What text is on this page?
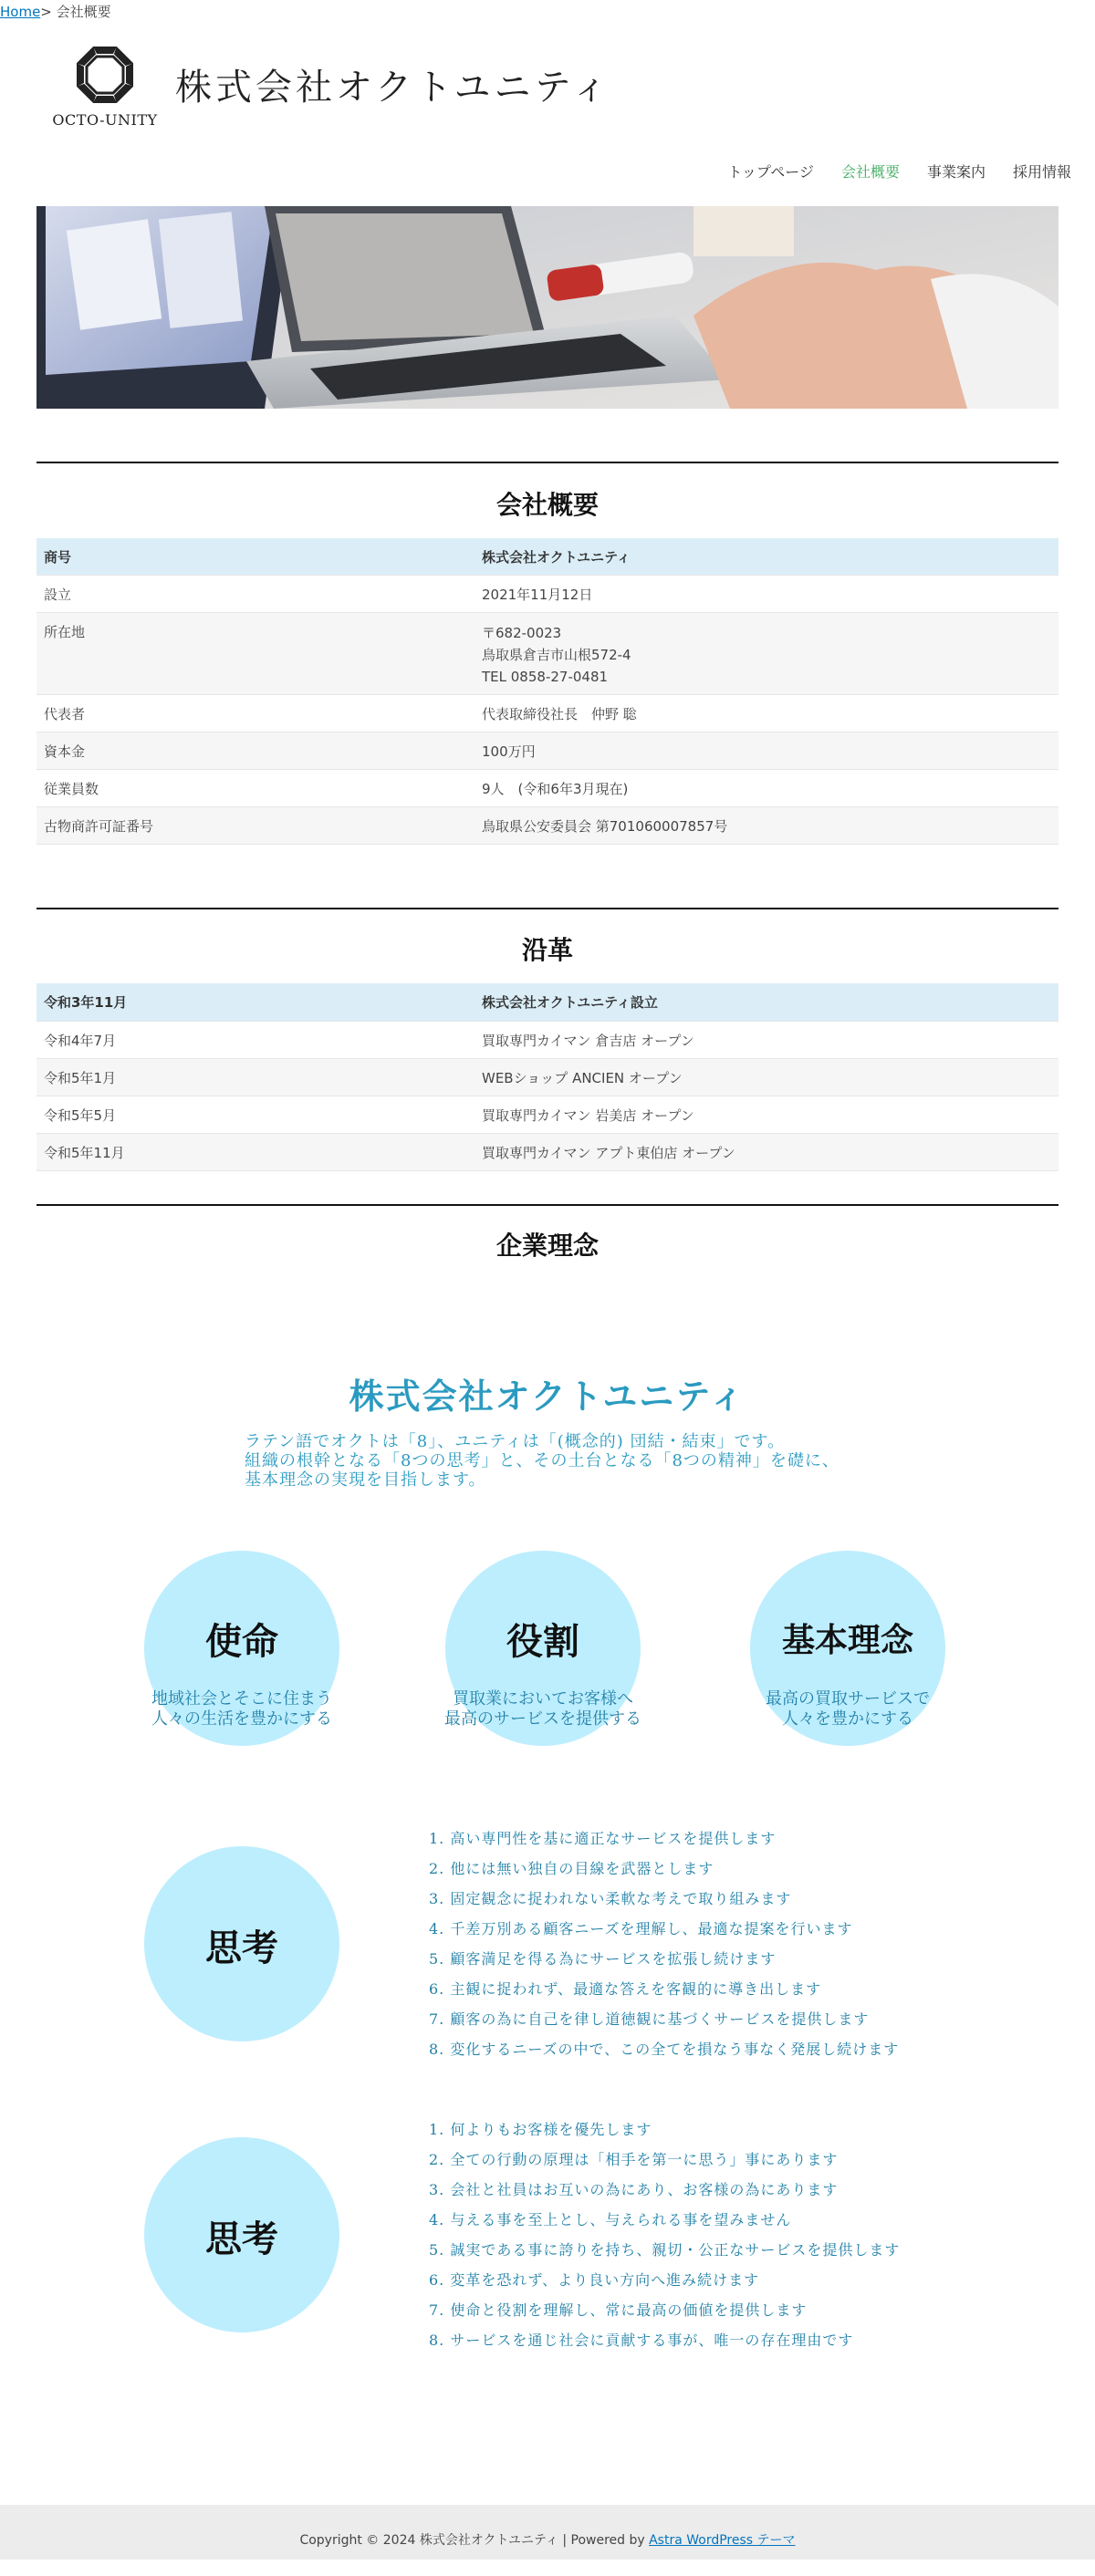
Home> 会社概要
OCTO-UNITY
株式会社オクトユニティ
トップページ 会社概要 事業案内 採用情報
会社概要
商号	株式会社オクトユニティ
設立	2021年11月12日
所在地	〒682-0023
鳥取県倉吉市山根572-4
TEL 0858-27-0481

代表者	代表取締役社長　仲野 聡
資本金	100万円
従業員数	9人　(令和6年3月現在)
古物商許可証番号	鳥取県公安委員会 第701060007857号
沿革
令和3年11月	株式会社オクトユニティ設立
令和4年7月	買取専門カイマン 倉吉店 オープン
令和5年1月	WEBショップ ANCIEN オープン
令和5年5月	買取専門カイマン 岩美店 オープン
令和5年11月	買取専門カイマン アプト東伯店 オープン
企業理念
株式会社オクトユニティ
ラテン語でオクトは「8」、ユニティは「(概念的) 団結・結束」です。
組織の根幹となる「8つの思考」と、その土台となる「8つの精神」を礎に、
基本理念の実現を目指します。
使命
地域社会とそこに住まう
人々の生活を豊かにする
役割
買取業においてお客様へ
最高のサービスを提供する
基本理念
最高の買取サービスで
人々を豊かにする
思考
1. 高い専門性を基に適正なサービスを提供します
2. 他には無い独自の目線を武器とします
3. 固定観念に捉われない柔軟な考えで取り組みます
4. 千差万別ある顧客ニーズを理解し、最適な提案を行います
5. 顧客満足を得る為にサービスを拡張し続けます
6. 主観に捉われず、最適な答えを客観的に導き出します
7. 顧客の為に自己を律し道徳観に基づくサービスを提供します
8. 変化するニーズの中で、この全てを損なう事なく発展し続けます
思考
1. 何よりもお客様を優先します
2. 全ての行動の原理は「相手を第一に思う」事にあります
3. 会社と社員はお互いの為にあり、お客様の為にあります
4. 与える事を至上とし、与えられる事を望みません
5. 誠実である事に誇りを持ち、親切・公正なサービスを提供します
6. 変革を恐れず、より良い方向へ進み続けます
7. 使命と役割を理解し、常に最高の価値を提供します
8. サービスを通じ社会に貢献する事が、唯一の存在理由です
Copyright © 2024 株式会社オクトユニティ | Powered by Astra WordPress テーマ
